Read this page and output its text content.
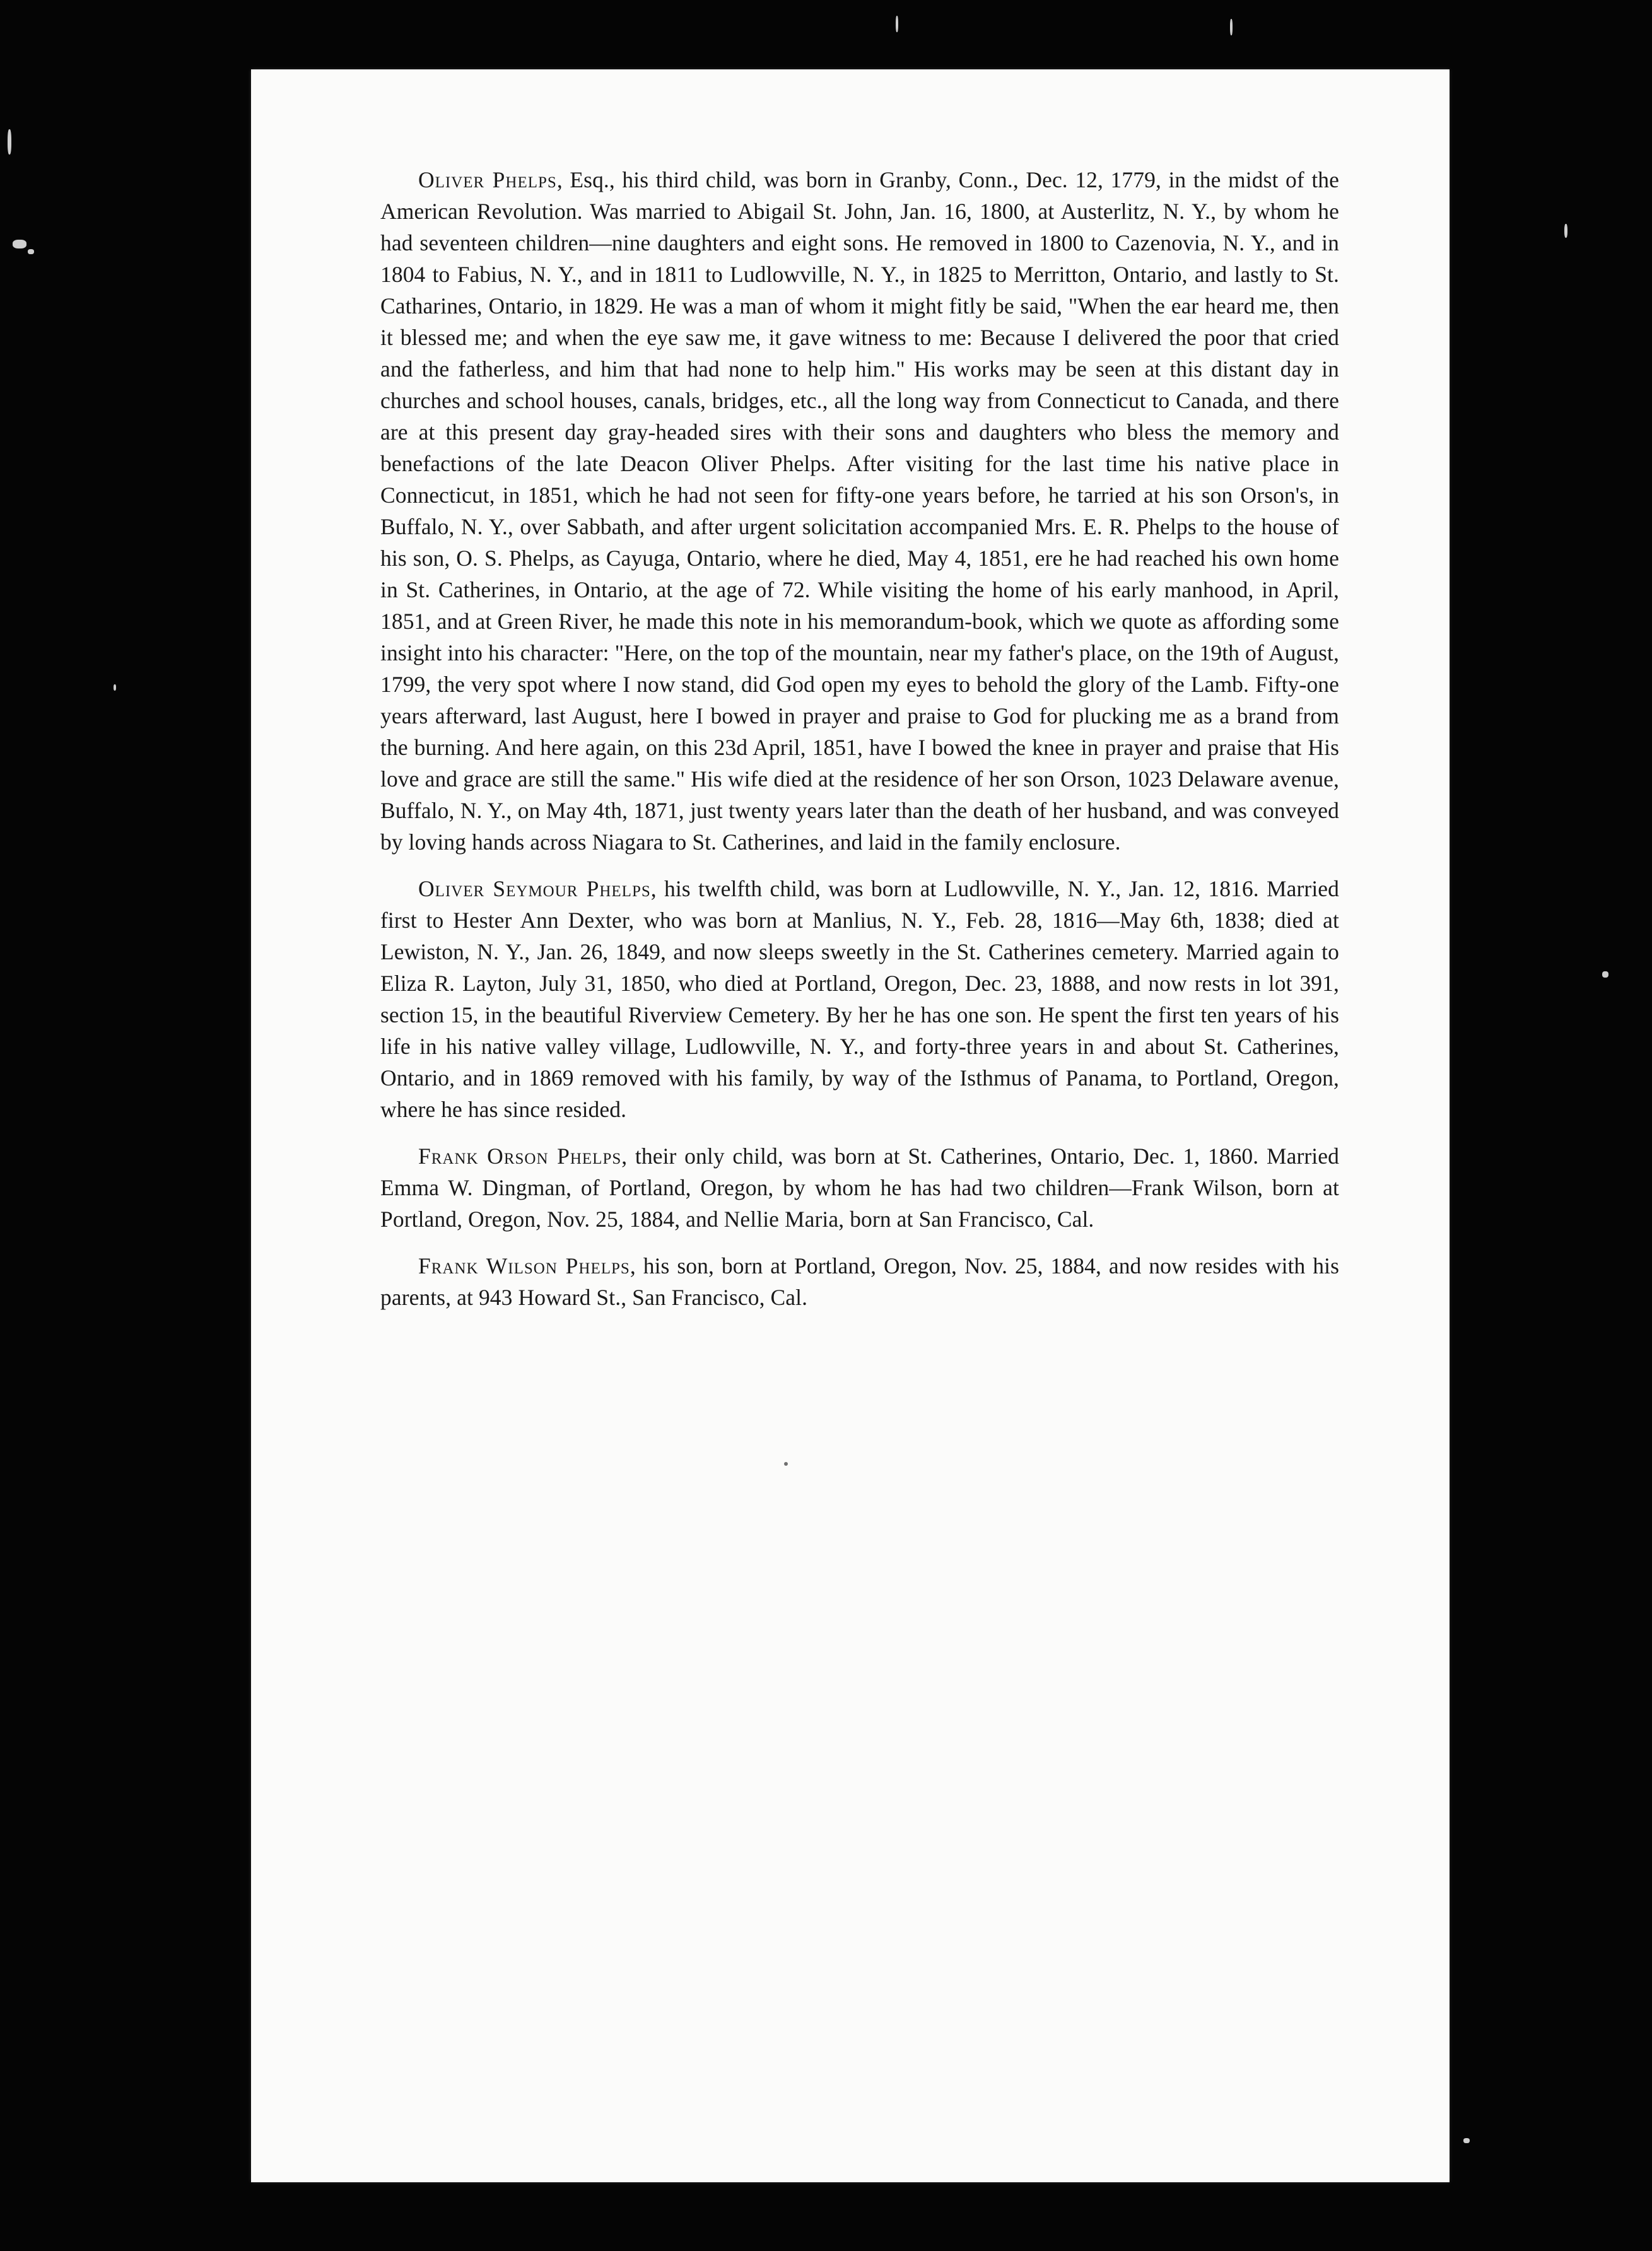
Oliver Phelps, Esq., his third child, was born in Granby, Conn., Dec. 12, 1779, in the midst of the American Revolution. Was married to Abigail St. John, Jan. 16, 1800, at Austerlitz, N. Y., by whom he had seventeen children—nine daughters and eight sons. He removed in 1800 to Cazenovia, N. Y., and in 1804 to Fabius, N. Y., and in 1811 to Ludlowville, N. Y., in 1825 to Merritton, Ontario, and lastly to St. Catharines, Ontario, in 1829. He was a man of whom it might fitly be said, "When the ear heard me, then it blessed me; and when the eye saw me, it gave witness to me: Because I delivered the poor that cried and the fatherless, and him that had none to help him." His works may be seen at this distant day in churches and school houses, canals, bridges, etc., all the long way from Connecticut to Canada, and there are at this present day gray-headed sires with their sons and daughters who bless the memory and benefactions of the late Deacon Oliver Phelps. After visiting for the last time his native place in Connecticut, in 1851, which he had not seen for fifty-one years before, he tarried at his son Orson's, in Buffalo, N. Y., over Sabbath, and after urgent solicitation accompanied Mrs. E. R. Phelps to the house of his son, O. S. Phelps, as Cayuga, Ontario, where he died, May 4, 1851, ere he had reached his own home in St. Catherines, in Ontario, at the age of 72. While visiting the home of his early manhood, in April, 1851, and at Green River, he made this note in his memorandum-book, which we quote as affording some insight into his character: "Here, on the top of the mountain, near my father's place, on the 19th of August, 1799, the very spot where I now stand, did God open my eyes to behold the glory of the Lamb. Fifty-one years afterward, last August, here I bowed in prayer and praise to God for plucking me as a brand from the burning. And here again, on this 23d April, 1851, have I bowed the knee in prayer and praise that His love and grace are still the same." His wife died at the residence of her son Orson, 1023 Delaware avenue, Buffalo, N. Y., on May 4th, 1871, just twenty years later than the death of her husband, and was conveyed by loving hands across Niagara to St. Catherines, and laid in the family enclosure.

Oliver Seymour Phelps, his twelfth child, was born at Ludlowville, N. Y., Jan. 12, 1816. Married first to Hester Ann Dexter, who was born at Manlius, N. Y., Feb. 28, 1816—May 6th, 1838; died at Lewiston, N. Y., Jan. 26, 1849, and now sleeps sweetly in the St. Catherines cemetery. Married again to Eliza R. Layton, July 31, 1850, who died at Portland, Oregon, Dec. 23, 1888, and now rests in lot 391, section 15, in the beautiful Riverview Cemetery. By her he has one son. He spent the first ten years of his life in his native valley village, Ludlowville, N. Y., and forty-three years in and about St. Catherines, Ontario, and in 1869 removed with his family, by way of the Isthmus of Panama, to Portland, Oregon, where he has since resided.

Frank Orson Phelps, their only child, was born at St. Catherines, Ontario, Dec. 1, 1860. Married Emma W. Dingman, of Portland, Oregon, by whom he has had two children—Frank Wilson, born at Portland, Oregon, Nov. 25, 1884, and Nellie Maria, born at San Francisco, Cal.

Frank Wilson Phelps, his son, born at Portland, Oregon, Nov. 25, 1884, and now resides with his parents, at 943 Howard St., San Francisco, Cal.
